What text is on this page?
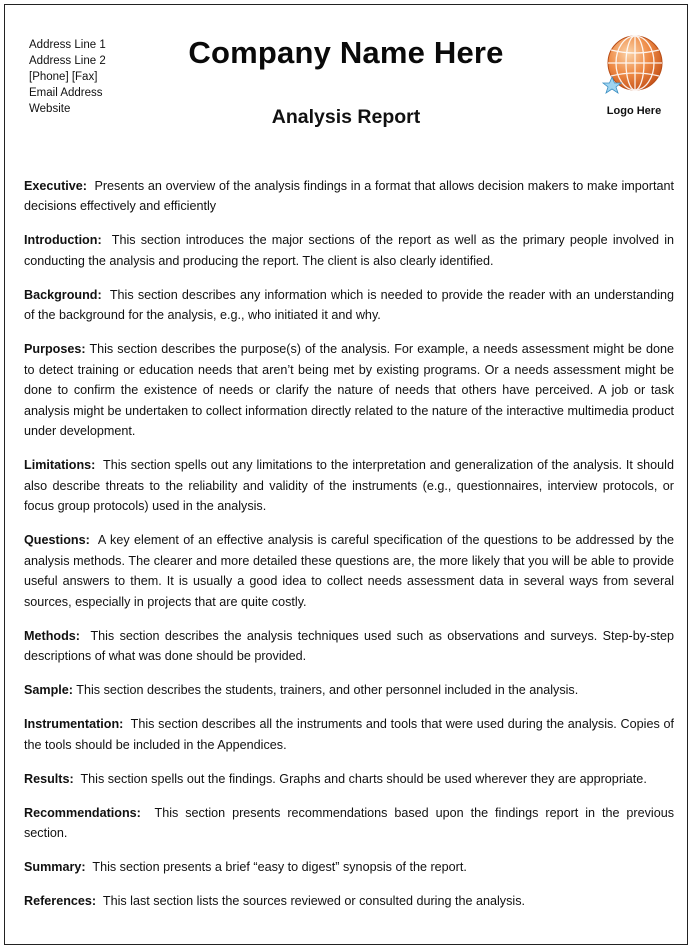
Address Line 1
Address Line 2
[Phone] [Fax]
Email Address
Website
Company Name Here
Analysis Report	Logo Here

Executive: Presents an overview of the analysis findings in a format that allows decision makers to make important decisions effectively and efficiently

Introduction: This section introduces the major sections of the report as well as the primary people involved in conducting the analysis and producing the report. The client is also clearly identified.

Background: This section describes any information which is needed to provide the reader with an understanding of the background for the analysis, e.g., who initiated it and why.

Purposes: This section describes the purpose(s) of the analysis. For example, a needs assessment might be done to detect training or education needs that aren’t being met by existing programs. Or a needs assessment might be done to confirm the existence of needs or clarify the nature of needs that others have perceived. A job or task analysis might be undertaken to collect information directly related to the nature of the interactive multimedia product under development.

Limitations: This section spells out any limitations to the interpretation and generalization of the analysis. It should also describe threats to the reliability and validity of the instruments (e.g., questionnaires, interview protocols, or focus group protocols) used in the analysis.

Questions: A key element of an effective analysis is careful specification of the questions to be addressed by the analysis methods. The clearer and more detailed these questions are, the more likely that you will be able to provide useful answers to them. It is usually a good idea to collect needs assessment data in several ways from several sources, especially in projects that are quite costly.

Methods: This section describes the analysis techniques used such as observations and surveys. Step-by-step descriptions of what was done should be provided.

Sample: This section describes the students, trainers, and other personnel included in the analysis.

Instrumentation: This section describes all the instruments and tools that were used during the analysis. Copies of the tools should be included in the Appendices.

Results: This section spells out the findings. Graphs and charts should be used wherever they are appropriate.

Recommendations: This section presents recommendations based upon the findings report in the previous section.

Summary: This section presents a brief “easy to digest” synopsis of the report.

References: This last section lists the sources reviewed or consulted during the analysis.
